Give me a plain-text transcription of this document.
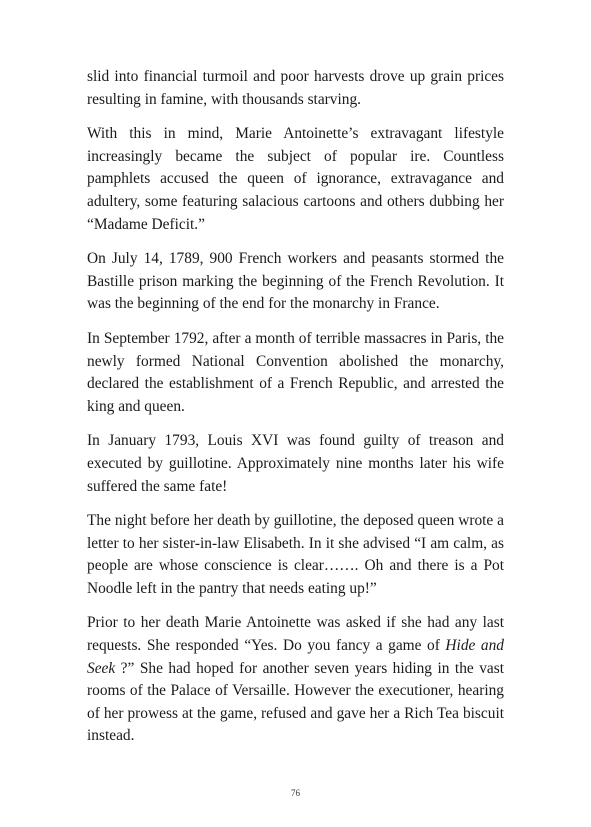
slid into financial turmoil and poor harvests drove up grain prices resulting in famine, with thousands starving.

With this in mind, Marie Antoinette’s extravagant lifestyle increasingly became the subject of popular ire. Countless pamphlets accused the queen of ignorance, extravagance and adultery, some featuring salacious cartoons and others dubbing her “Madame Deficit.”

On July 14, 1789, 900 French workers and peasants stormed the Bastille prison marking the beginning of the French Revolution. It was the beginning of the end for the monarchy in France.

In September 1792, after a month of terrible massacres in Paris, the newly formed National Convention abolished the monarchy, declared the establishment of a French Republic, and arrested the king and queen.

In January 1793, Louis XVI was found guilty of treason and executed by guillotine. Approximately nine months later his wife suffered the same fate!

The night before her death by guillotine, the deposed queen wrote a letter to her sister-in-law Elisabeth. In it she advised “I am calm, as people are whose conscience is clear……. Oh and there is a Pot Noodle left in the pantry that needs eating up!”

Prior to her death Marie Antoinette was asked if she had any last requests. She responded “Yes. Do you fancy a game of Hide and Seek ?” She had hoped for another seven years hiding in the vast rooms of the Palace of Versaille. However the executioner, hearing of her prowess at the game, refused and gave her a Rich Tea biscuit instead.

76
